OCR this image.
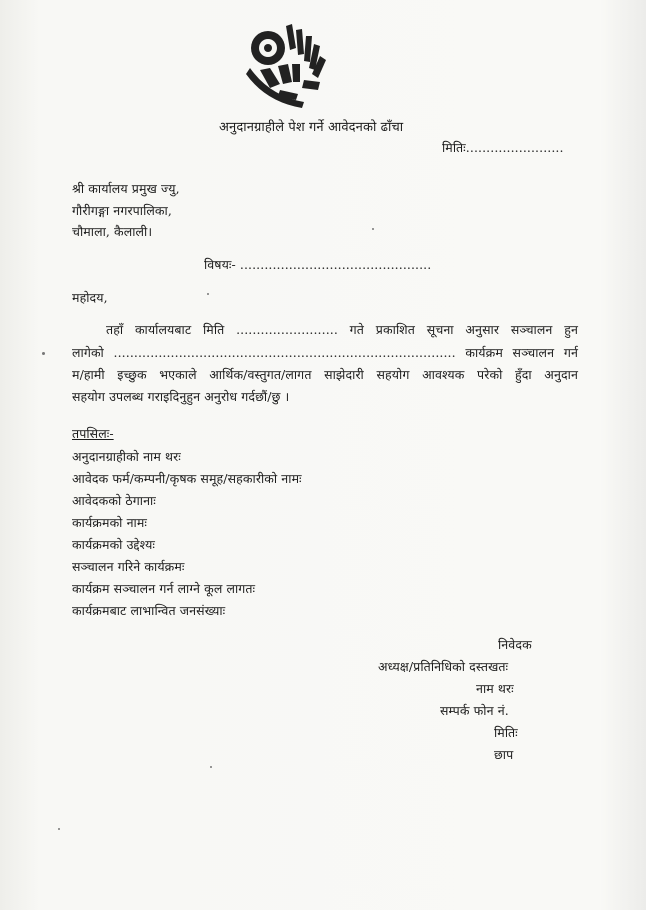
अनुदानग्राहीले पेश गर्ने आवेदनको ढाँचा
मितिः........................
श्री कार्यालय प्रमुख ज्यु,
गौरीगङ्गा नगरपालिका,
चौमाला, कैलाली।
विषयः- ...............................................
महोदय,
तहाँ कार्यालयबाट मिति ......................... गते प्रकाशित सूचना अनुसार सञ्चालन हुन
लागेको .................................................................................... कार्यक्रम सञ्चालन गर्न
म/हामी इच्छुक भएकाले आर्थिक/वस्तुगत/लागत साझेदारी सहयोग आवश्यक परेको हुँदा अनुदान
सहयोग उपलब्ध गराइदिनुहुन अनुरोध गर्दछौं/छु ।
तपसिलः-
अनुदानग्राहीको नाम थरः
आवेदक फर्म/कम्पनी/कृषक समूह/सहकारीको नामः
आवेदकको ठेगानाः
कार्यक्रमको नामः
कार्यक्रमको उद्देश्यः
सञ्चालन गरिने कार्यक्रमः
कार्यक्रम सञ्चालन गर्न लाग्ने कूल लागतः
कार्यक्रमबाट लाभान्वित जनसंख्याः
निवेदक
अध्यक्ष/प्रतिनिधिको दस्तखतः
नाम थरः
सम्पर्क फोन नं.
मितिः
छाप
